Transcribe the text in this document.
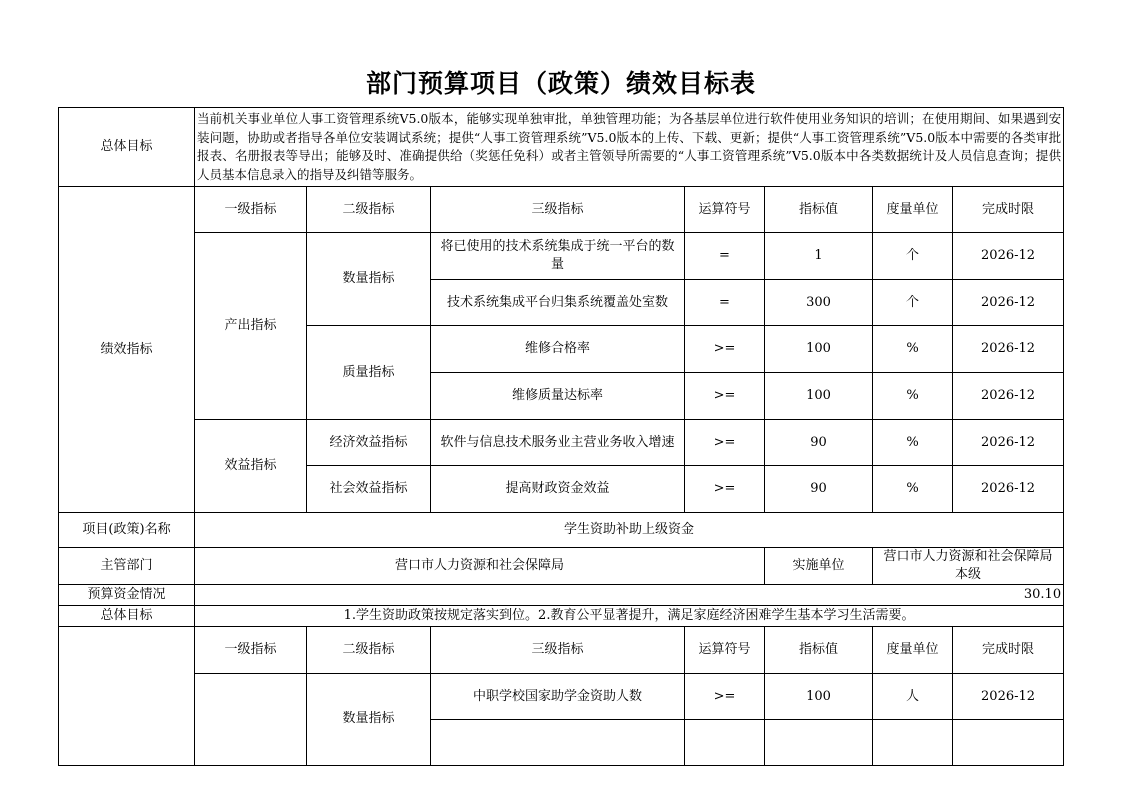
部门预算项目（政策）绩效目标表
总体目标	当前机关事业单位人事工资管理系统V5.0版本，能够实现单独审批，单独管理功能；为各基层单位进行软件使用业务知识的培训；在使用期间、如果遇到安装问题，协助或者指导各单位安装调试系统；提供“人事工资管理系统”V5.0版本的上传、下载、更新；提供“人事工资管理系统”V5.0版本中需要的各类审批报表、名册报表等导出；能够及时、准确提供给（奖惩任免科）或者主管领导所需要的“人事工资管理系统”V5.0版本中各类数据统计及人员信息查询；提供人员基本信息录入的指导及纠错等服务。						
绩效指标	一级指标	二级指标	三级指标	运算符号	指标值	度量单位	完成时限
	产出指标	数量指标	将已使用的技术系统集成于统一平台的数量	=	1	个	2026-12
			技术系统集成平台归集系统覆盖处室数	=	300	个	2026-12
		质量指标	维修合格率	>=	100	%	2026-12
			维修质量达标率	>=	100	%	2026-12
	效益指标	经济效益指标	软件与信息技术服务业主营业务收入增速	>=	90	%	2026-12
		社会效益指标	提高财政资金效益	>=	90	%	2026-12
项目(政策)名称	学生资助补助上级资金						
主管部门	营口市人力资源和社会保障局				实施单位	营口市人力资源和社会保障局本级	
预算资金情况	30.10						
总体目标	1.学生资助政策按规定落实到位。2.教育公平显著提升，满足家庭经济困难学生基本学习生活需要。						
	一级指标	二级指标	三级指标	运算符号	指标值	度量单位	完成时限
		数量指标	中职学校国家助学金资助人数	>=	100	人	2026-12
